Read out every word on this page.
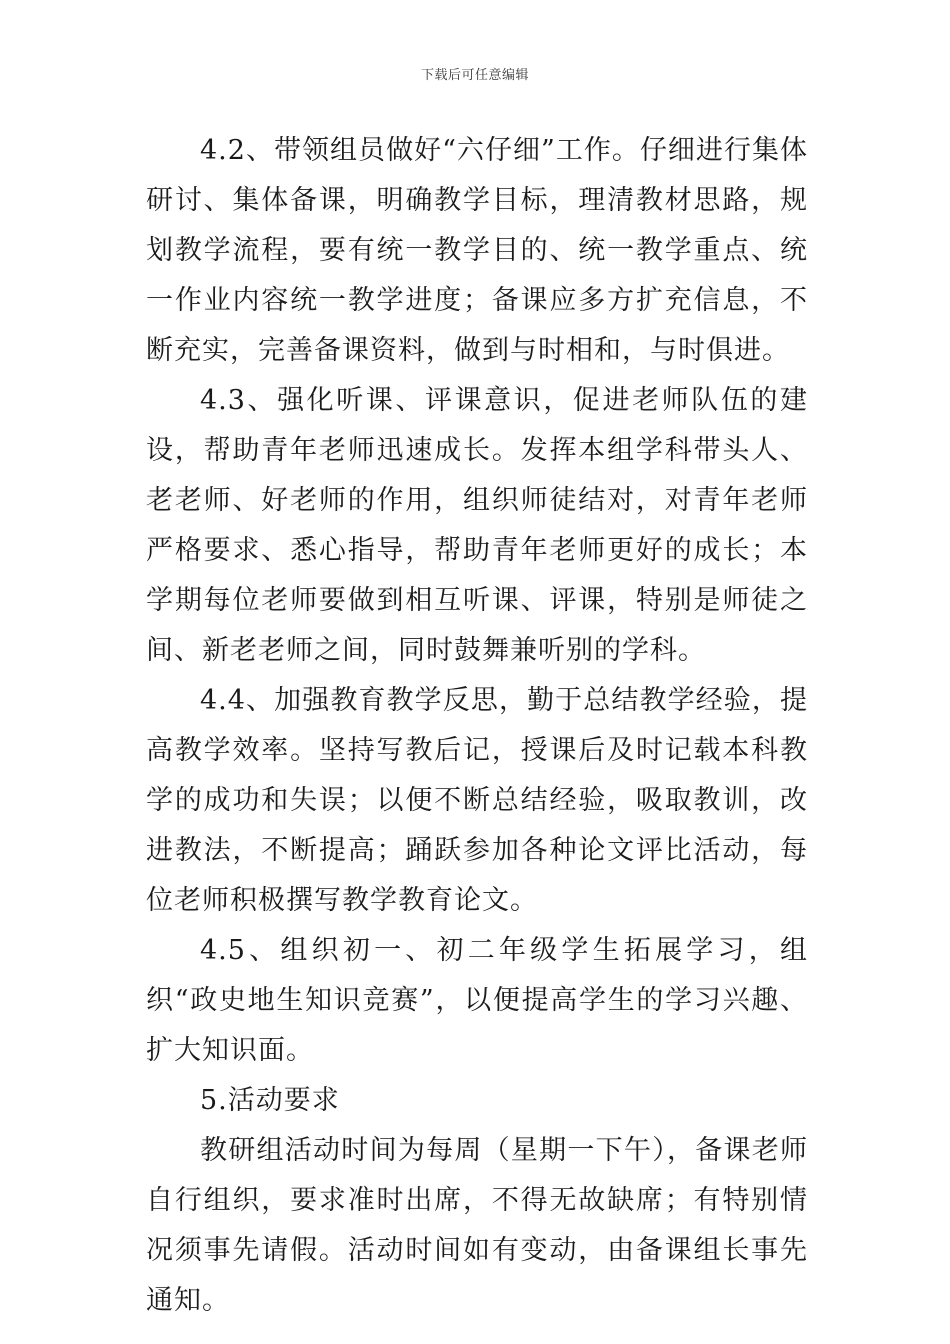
下载后可任意编辑

4.2、带领组员做好“六仔细”工作。仔细进行集体研讨、集体备课，明确教学目标，理清教材思路，规划教学流程，要有统一教学目的、统一教学重点、统一作业内容统一教学进度；备课应多方扩充信息，不断充实，完善备课资料，做到与时相和，与时俱进。

4.3、强化听课、评课意识，促进老师队伍的建设，帮助青年老师迅速成长。发挥本组学科带头人、老老师、好老师的作用，组织师徒结对，对青年老师严格要求、悉心指导，帮助青年老师更好的成长；本学期每位老师要做到相互听课、评课，特别是师徒之间、新老老师之间，同时鼓舞兼听别的学科。

4.4、加强教育教学反思，勤于总结教学经验，提高教学效率。坚持写教后记，授课后及时记载本科教学的成功和失误；以便不断总结经验，吸取教训，改进教法，不断提高；踊跃参加各种论文评比活动，每位老师积极撰写教学教育论文。

4.5、组织初一、初二年级学生拓展学习，组织“政史地生知识竞赛”，以便提高学生的学习兴趣、扩大知识面。

5.活动要求

教研组活动时间为每周（星期一下午），备课老师自行组织，要求准时出席，不得无故缺席；有特别情况须事先请假。活动时间如有变动，由备课组长事先通知。
